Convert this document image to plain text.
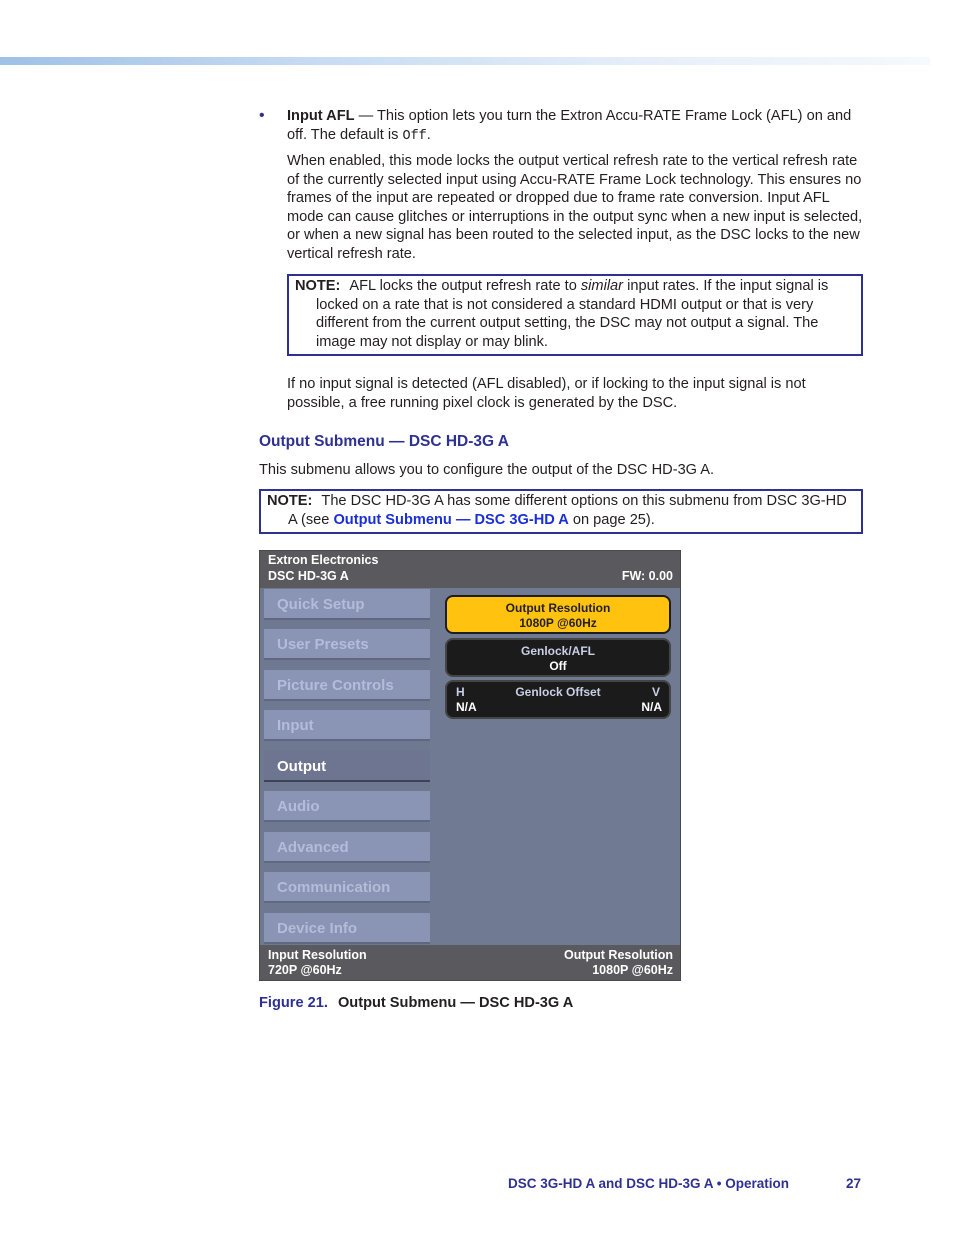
• Input AFL — This option lets you turn the Extron Accu-RATE Frame Lock (AFL) on and off. The default is Off.

When enabled, this mode locks the output vertical refresh rate to the vertical refresh rate of the currently selected input using Accu-RATE Frame Lock technology. This ensures no frames of the input are repeated or dropped due to frame rate conversion. Input AFL mode can cause glitches or interruptions in the output sync when a new input is selected, or when a new signal has been routed to the selected input, as the DSC locks to the new vertical refresh rate.

NOTE: AFL locks the output refresh rate to similar input rates. If the input signal is locked on a rate that is not considered a standard HDMI output or that is very different from the current output setting, the DSC may not output a signal. The image may not display or may blink.

If no input signal is detected (AFL disabled), or if locking to the input signal is not possible, a free running pixel clock is generated by the DSC.

Output Submenu — DSC HD-3G A

This submenu allows you to configure the output of the DSC HD-3G A.

NOTE: The DSC HD-3G A has some different options on this submenu from DSC 3G-HD A (see Output Submenu — DSC 3G-HD A on page 25).
Extron Electronics
DSC HD-3G A	FW: 0.00
Quick Setup
User Presets
Picture Controls
Input
Output
Audio
Advanced
Communication
Device Info
Output Resolution
1080P @60Hz
Genlock/AFL
Off
H	Genlock Offset	V
N/A	N/A
Input Resolution
720P @60Hz
Output Resolution
1080P @60Hz
Figure 21. Output Submenu — DSC HD-3G A
DSC 3G-HD A and DSC HD-3G A • Operation	27
